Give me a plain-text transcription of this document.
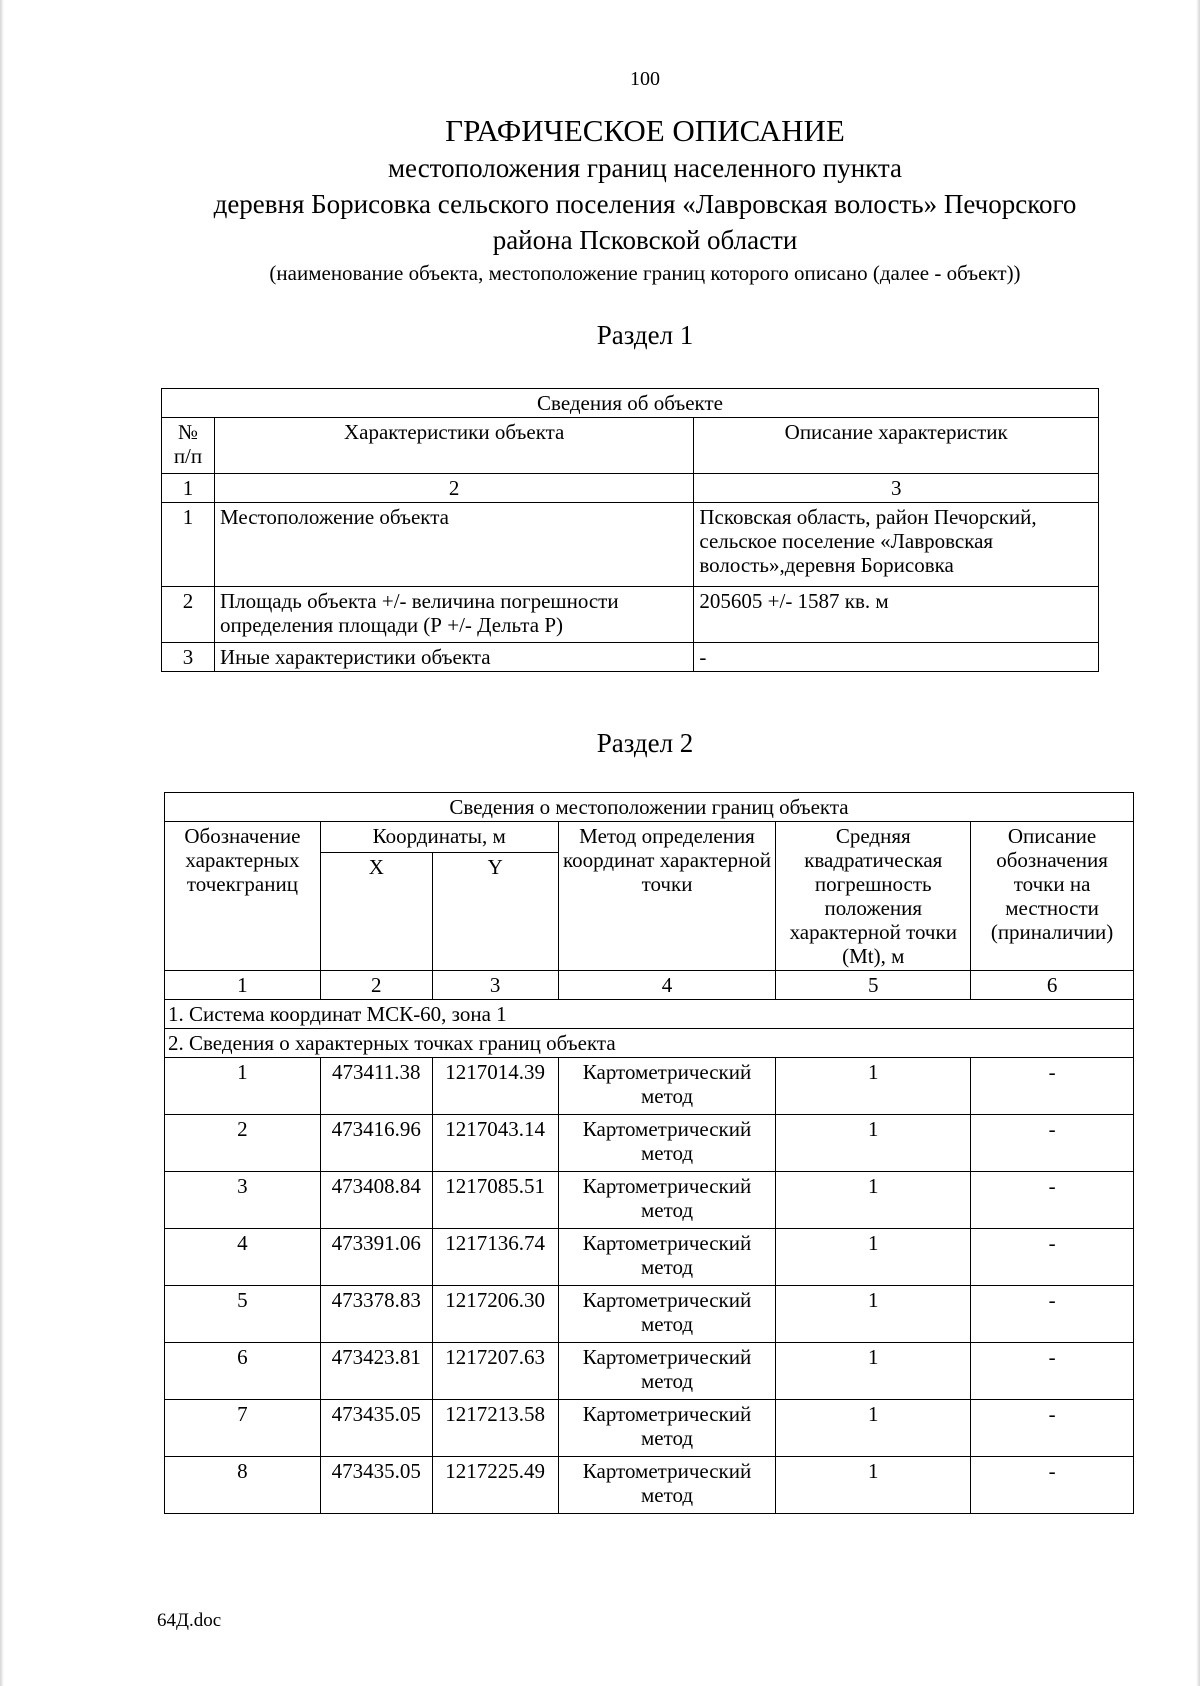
100
ГРАФИЧЕСКОЕ ОПИСАНИЕ
местоположения границ населенного пункта
деревня Борисовка сельского поселения «Лавровская волость» Печорского
района Псковской области
(наименование объекта, местоположение границ которого описано (далее - объект))
Раздел 1
Сведения об объекте		
№ п/п	Характеристики объекта	Описание характеристик
1	2	3
1	Местоположение объекта	Псковская область, район Печорский, сельское поселение «Лавровская волость»,деревня Борисовка
2	Площадь объекта +/- величина погрешности определения площади (Р +/- Дельта Р)	205605 +/- 1587 кв. м
3	Иные характеристики объекта	-
Раздел 2
Сведения о местоположении границ объекта					
Обозначение характерных точекграниц	Координаты, м		Метод определения координат характерной точки	Средняя квадратическая погрешность положения характерной точки (Mt), м	Описание обозначения точки на местности (приналичии)
	X	Y			
1	2	3	4	5	6
1. Система координат МСК-60, зона 1					
2. Сведения о характерных точках границ объекта					
1	473411.38	1217014.39	Картометрический метод	1	-
2	473416.96	1217043.14	Картометрический метод	1	-
3	473408.84	1217085.51	Картометрический метод	1	-
4	473391.06	1217136.74	Картометрический метод	1	-
5	473378.83	1217206.30	Картометрический метод	1	-
6	473423.81	1217207.63	Картометрический метод	1	-
7	473435.05	1217213.58	Картометрический метод	1	-
8	473435.05	1217225.49	Картометрический метод	1	-
64Д.doc
